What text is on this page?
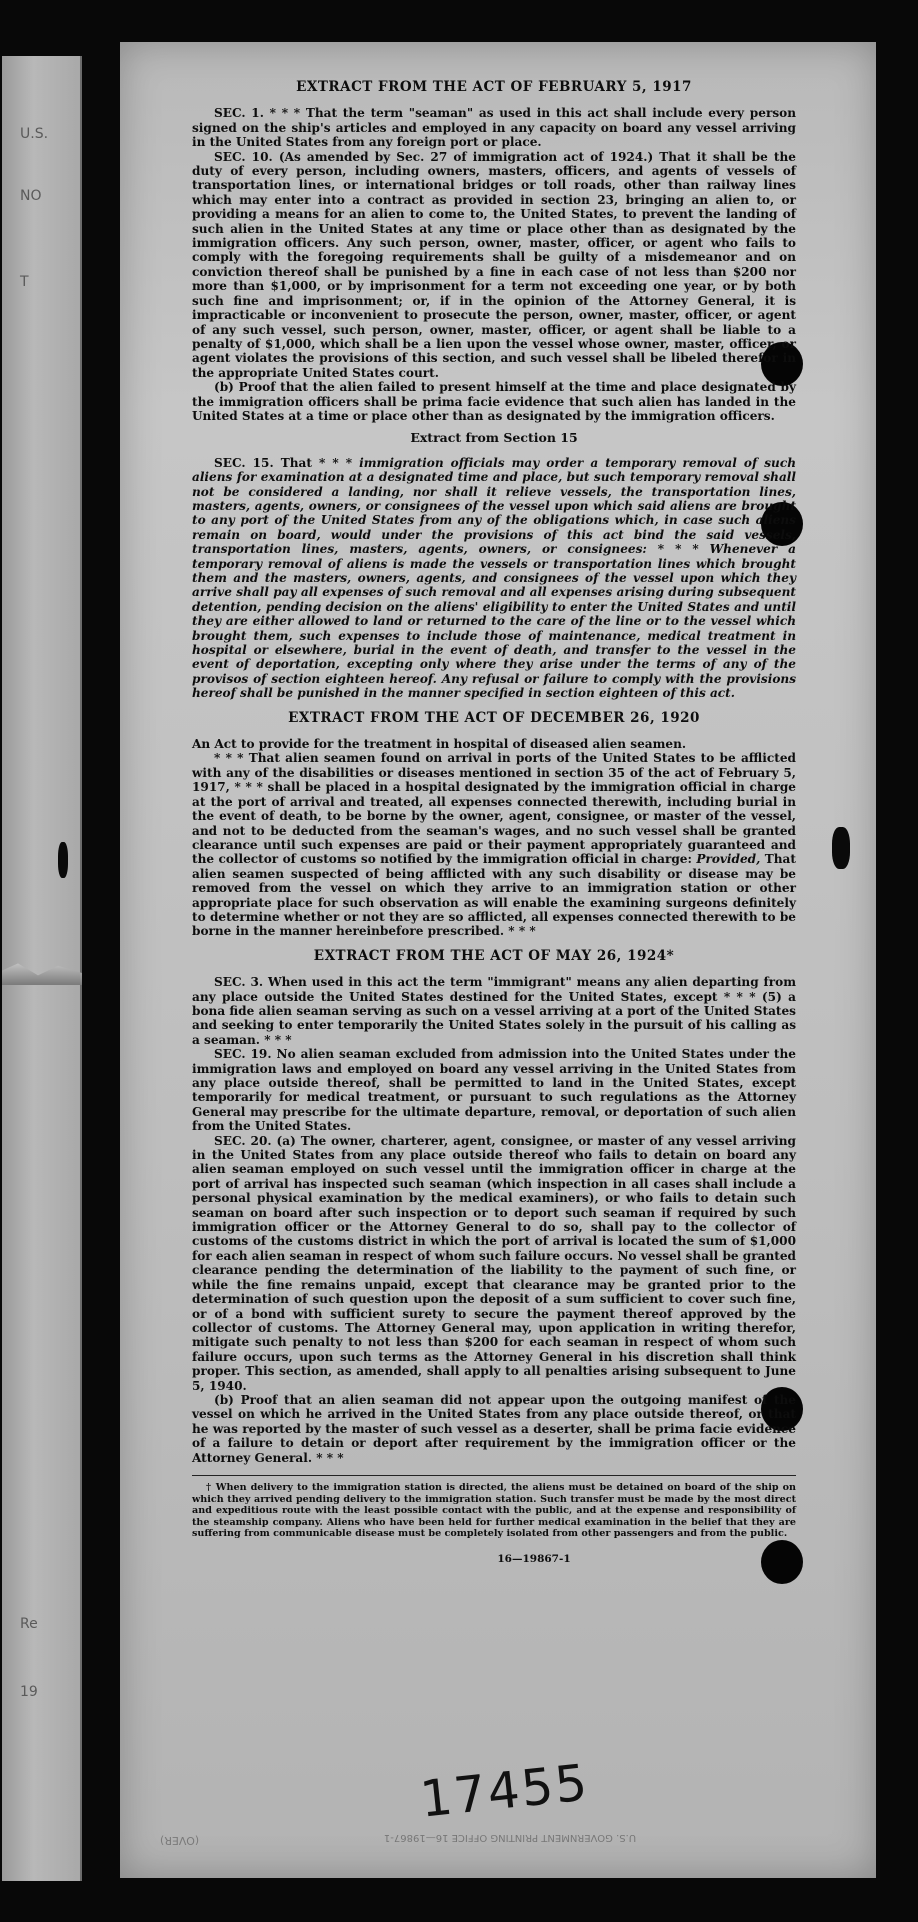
U.S.
NO
T
Re
19

EXTRACT FROM THE ACT OF FEBRUARY 5, 1917

SEC. 1. * * * That the term "seaman" as used in this act shall include every person signed on the ship's articles and employed in any capacity on board any vessel arriving in the United States from any foreign port or place.

SEC. 10. (As amended by Sec. 27 of immigration act of 1924.) That it shall be the duty of every person, including owners, masters, officers, and agents of vessels of transportation lines, or international bridges or toll roads, other than railway lines which may enter into a contract as provided in section 23, bringing an alien to, or providing a means for an alien to come to, the United States, to prevent the landing of such alien in the United States at any time or place other than as designated by the immigration officers. Any such person, owner, master, officer, or agent who fails to comply with the foregoing requirements shall be guilty of a misdemeanor and on conviction thereof shall be punished by a fine in each case of not less than $200 nor more than $1,000, or by imprisonment for a term not exceeding one year, or by both such fine and imprisonment; or, if in the opinion of the Attorney General, it is impracticable or inconvenient to prosecute the person, owner, master, officer, or agent of any such vessel, such person, owner, master, officer, or agent shall be liable to a penalty of $1,000, which shall be a lien upon the vessel whose owner, master, officer, or agent violates the provisions of this section, and such vessel shall be libeled therefor in the appropriate United States court.

(b) Proof that the alien failed to present himself at the time and place designated by the immigration officers shall be prima facie evidence that such alien has landed in the United States at a time or place other than as designated by the immigration officers.

Extract from Section 15

SEC. 15. That * * * immigration officials may order a temporary removal of such aliens for examination at a designated time and place, but such temporary removal shall not be considered a landing, nor shall it relieve vessels, the transportation lines, masters, agents, owners, or consignees of the vessel upon which said aliens are brought to any port of the United States from any of the obligations which, in case such aliens remain on board, would under the provisions of this act bind the said vessels, transportation lines, masters, agents, owners, or consignees: * * * Whenever a temporary removal of aliens is made the vessels or transportation lines which brought them and the masters, owners, agents, and consignees of the vessel upon which they arrive shall pay all expenses of such removal and all expenses arising during subsequent detention, pending decision on the aliens' eligibility to enter the United States and until they are either allowed to land or returned to the care of the line or to the vessel which brought them, such expenses to include those of maintenance, medical treatment in hospital or elsewhere, burial in the event of death, and transfer to the vessel in the event of deportation, excepting only where they arise under the terms of any of the provisos of section eighteen hereof. Any refusal or failure to comply with the provisions hereof shall be punished in the manner specified in section eighteen of this act.

EXTRACT FROM THE ACT OF DECEMBER 26, 1920

An Act to provide for the treatment in hospital of diseased alien seamen.

* * * That alien seamen found on arrival in ports of the United States to be afflicted with any of the disabilities or diseases mentioned in section 35 of the act of February 5, 1917, * * * shall be placed in a hospital designated by the immigration official in charge at the port of arrival and treated, all expenses connected therewith, including burial in the event of death, to be borne by the owner, agent, consignee, or master of the vessel, and not to be deducted from the seaman's wages, and no such vessel shall be granted clearance until such expenses are paid or their payment appropriately guaranteed and the collector of customs so notified by the immigration official in charge: Provided, That alien seamen suspected of being afflicted with any such disability or disease may be removed from the vessel on which they arrive to an immigration station or other appropriate place for such observation as will enable the examining surgeons definitely to determine whether or not they are so afflicted, all expenses connected therewith to be borne in the manner hereinbefore prescribed. * * *

EXTRACT FROM THE ACT OF MAY 26, 1924*

SEC. 3. When used in this act the term "immigrant" means any alien departing from any place outside the United States destined for the United States, except * * * (5) a bona fide alien seaman serving as such on a vessel arriving at a port of the United States and seeking to enter temporarily the United States solely in the pursuit of his calling as a seaman. * * *

SEC. 19. No alien seaman excluded from admission into the United States under the immigration laws and employed on board any vessel arriving in the United States from any place outside thereof, shall be permitted to land in the United States, except temporarily for medical treatment, or pursuant to such regulations as the Attorney General may prescribe for the ultimate departure, removal, or deportation of such alien from the United States.

SEC. 20. (a) The owner, charterer, agent, consignee, or master of any vessel arriving in the United States from any place outside thereof who fails to detain on board any alien seaman employed on such vessel until the immigration officer in charge at the port of arrival has inspected such seaman (which inspection in all cases shall include a personal physical examination by the medical examiners), or who fails to detain such seaman on board after such inspection or to deport such seaman if required by such immigration officer or the Attorney General to do so, shall pay to the collector of customs of the customs district in which the port of arrival is located the sum of $1,000 for each alien seaman in respect of whom such failure occurs. No vessel shall be granted clearance pending the determination of the liability to the payment of such fine, or while the fine remains unpaid, except that clearance may be granted prior to the determination of such question upon the deposit of a sum sufficient to cover such fine, or of a bond with sufficient surety to secure the payment thereof approved by the collector of customs. The Attorney General may, upon application in writing therefor, mitigate such penalty to not less than $200 for each seaman in respect of whom such failure occurs, upon such terms as the Attorney General in his discretion shall think proper. This section, as amended, shall apply to all penalties arising subsequent to June 5, 1940.

(b) Proof that an alien seaman did not appear upon the outgoing manifest of the vessel on which he arrived in the United States from any place outside thereof, or that he was reported by the master of such vessel as a deserter, shall be prima facie evidence of a failure to detain or deport after requirement by the immigration officer or the Attorney General. * * *

† When delivery to the immigration station is directed, the aliens must be detained on board of the ship on which they arrived pending delivery to the immigration station. Such transfer must be made by the most direct and expeditious route with the least possible contact with the public, and at the expense and responsibility of the steamship company. Aliens who have been held for further medical examination in the belief that they are suffering from communicable disease must be completely isolated from other passengers and from the public.

16—19867-1

17455
U.S. GOVERNMENT PRINTING OFFICE 16—19867-1
(OVER)
